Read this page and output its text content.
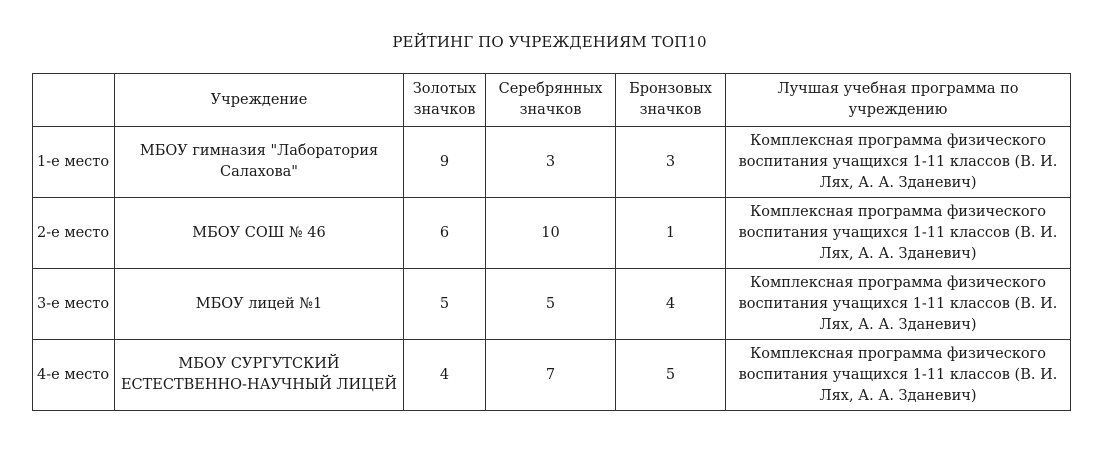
РЕЙТИНГ ПО УЧРЕЖДЕНИЯМ ТОП10
	Учреждение	Золотых значков	Серебрянных значков	Бронзовых значков	Лучшая учебная программа по учреждению
1-е место	МБОУ гимназия "Лаборатория Салахова"	9	3	3	Комплексная программа физического воспитания учащихся 1-11 классов (В. И. Лях, А. А. Зданевич)
2-е место	МБОУ СОШ № 46	6	10	1	Комплексная программа физического воспитания учащихся 1-11 классов (В. И. Лях, А. А. Зданевич)
3-е место	МБОУ лицей №1	5	5	4	Комплексная программа физического воспитания учащихся 1-11 классов (В. И. Лях, А. А. Зданевич)
4-е место	МБОУ СУРГУТСКИЙ ЕСТЕСТВЕННО-НАУЧНЫЙ ЛИЦЕЙ	4	7	5	Комплексная программа физического воспитания учащихся 1-11 классов (В. И. Лях, А. А. Зданевич)
